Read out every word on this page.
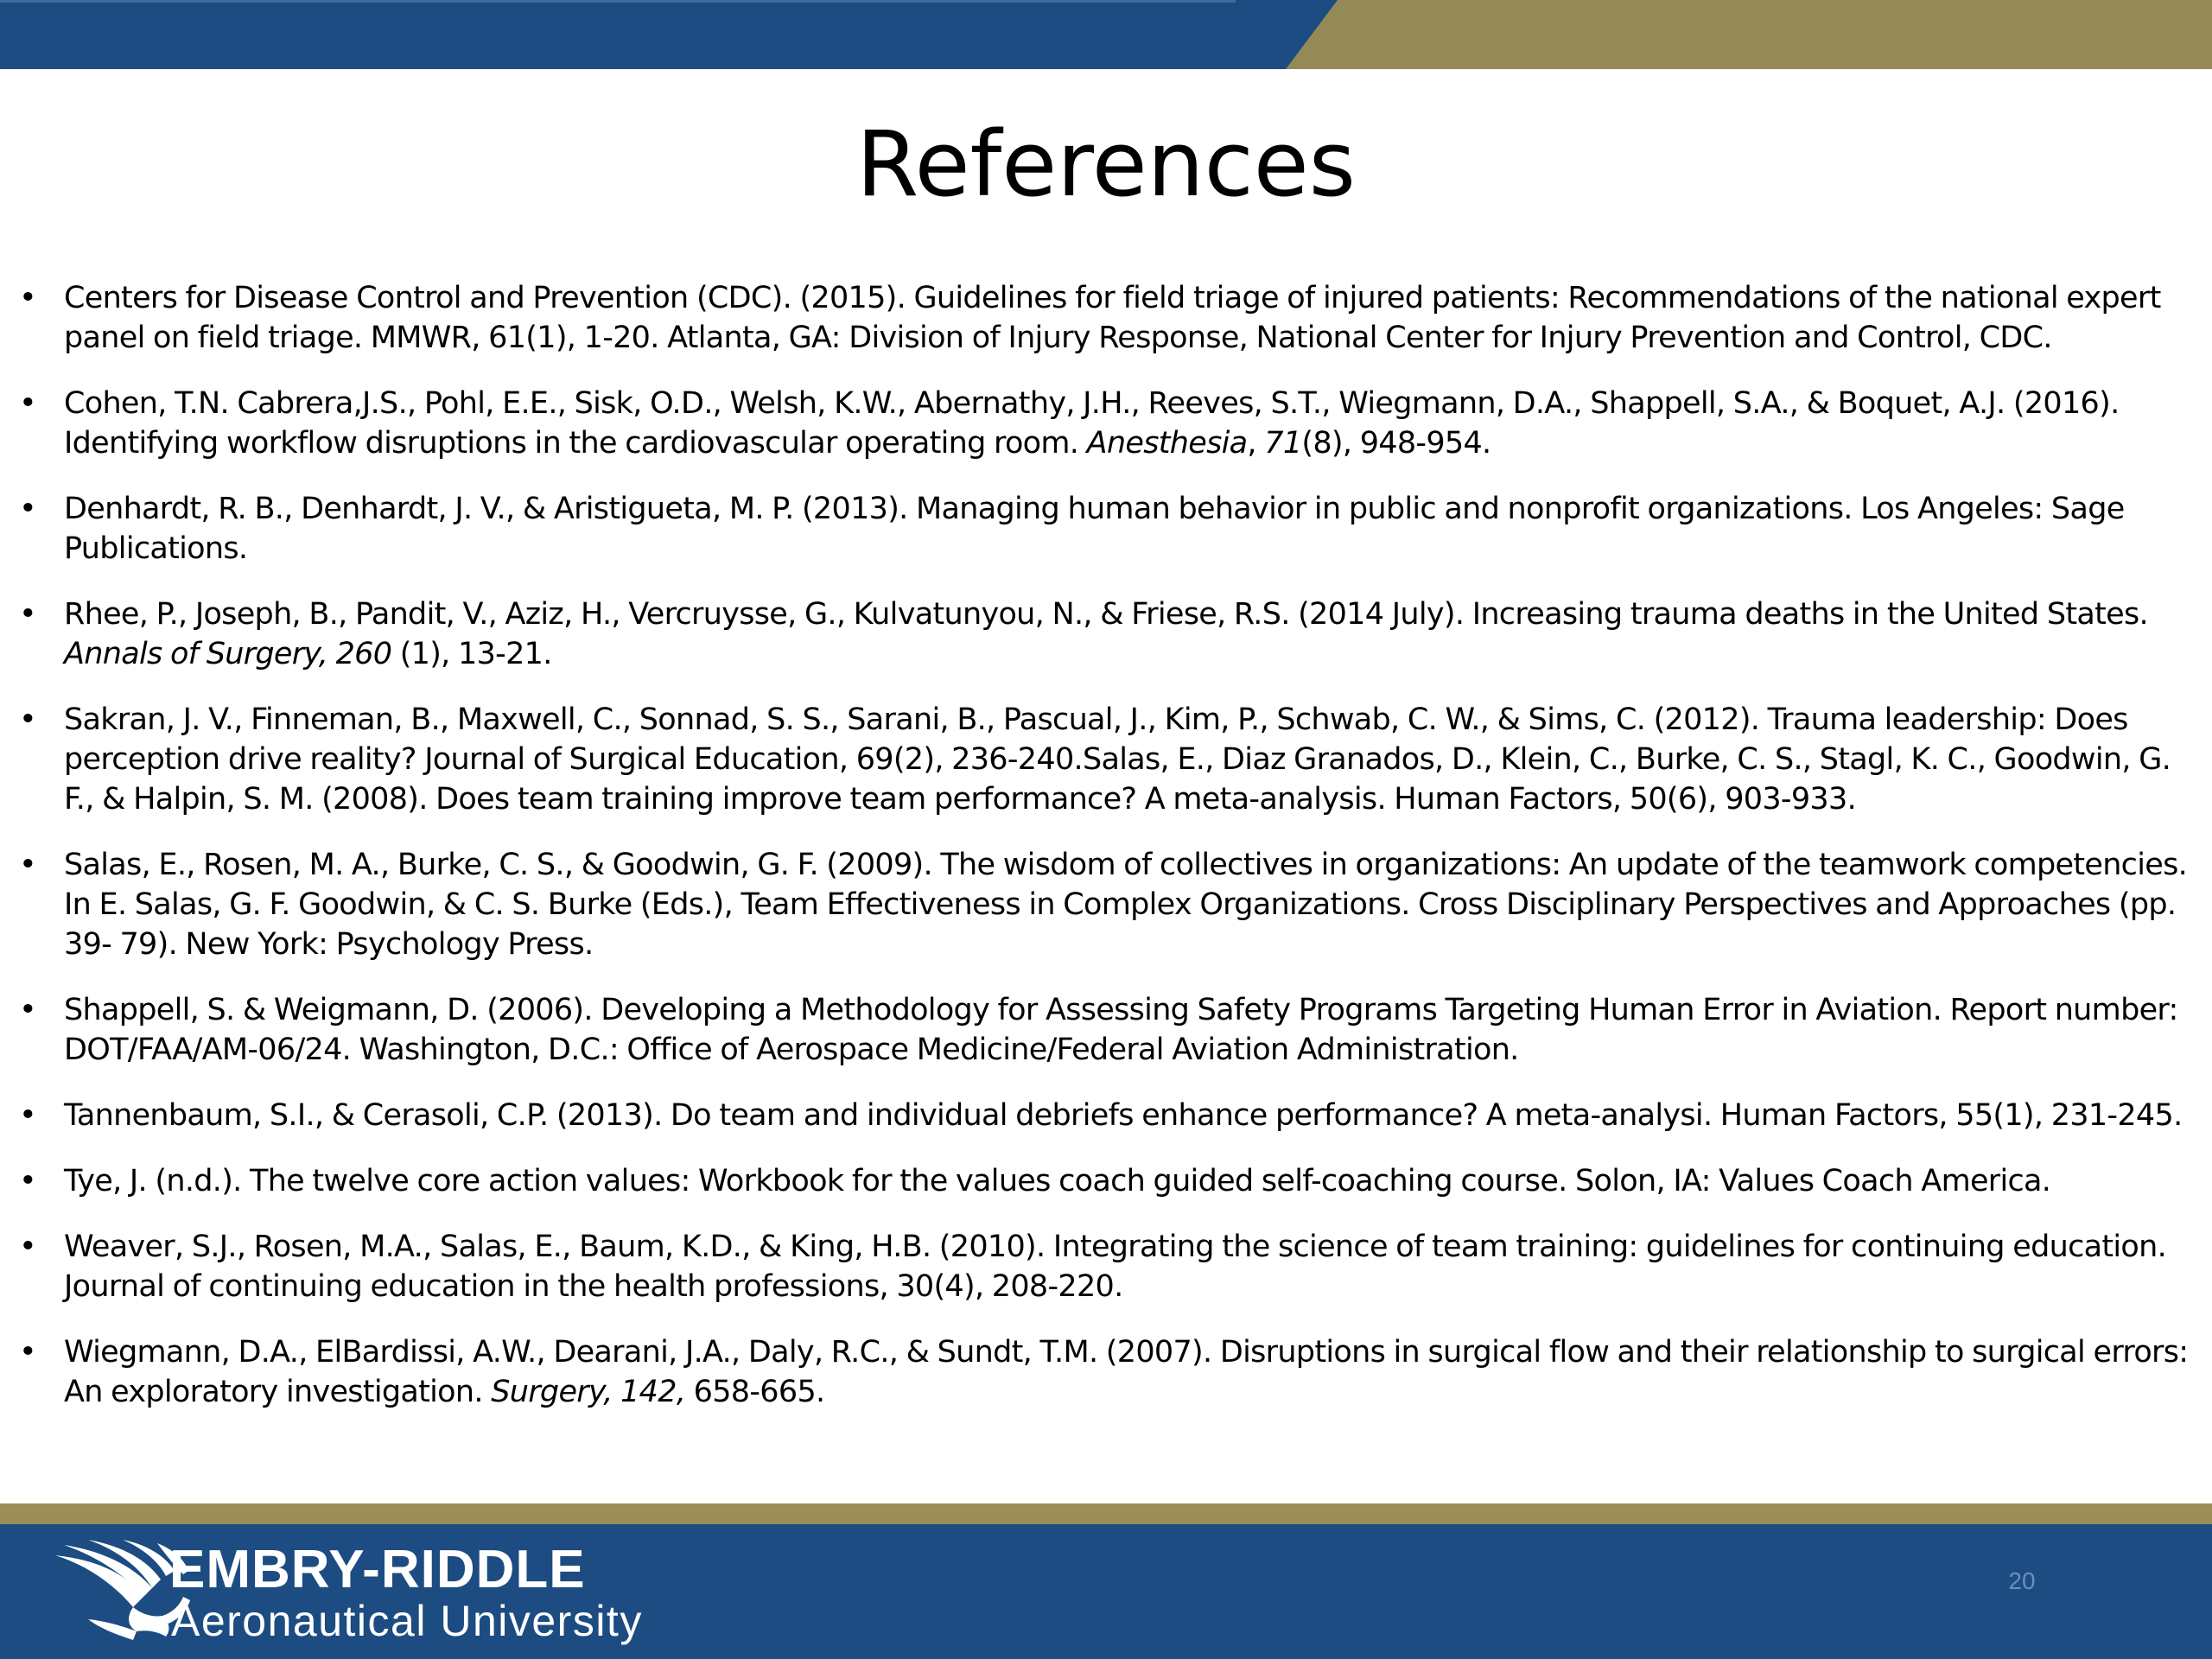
References
• Centers for Disease Control and Prevention (CDC). (2015). Guidelines for field triage of injured patients: Recommendations of the national expert panel on field triage. MMWR, 61(1), 1-20. Atlanta, GA: Division of Injury Response, National Center for Injury Prevention and Control, CDC.
• Cohen, T.N. Cabrera,J.S., Pohl, E.E., Sisk, O.D., Welsh, K.W., Abernathy, J.H., Reeves, S.T., Wiegmann, D.A., Shappell, S.A., & Boquet, A.J. (2016). Identifying workflow disruptions in the cardiovascular operating room. Anesthesia, 71(8), 948-954.
• Denhardt, R. B., Denhardt, J. V., & Aristigueta, M. P. (2013). Managing human behavior in public and nonprofit organizations. Los Angeles: Sage Publications.
• Rhee, P., Joseph, B., Pandit, V., Aziz, H., Vercruysse, G., Kulvatunyou, N., & Friese, R.S. (2014 July). Increasing trauma deaths in the United States. Annals of Surgery, 260 (1), 13-21.
• Sakran, J. V., Finneman, B., Maxwell, C., Sonnad, S. S., Sarani, B., Pascual, J., Kim, P., Schwab, C. W., & Sims, C. (2012). Trauma leadership: Does perception drive reality? Journal of Surgical Education, 69(2), 236-240.Salas, E., Diaz Granados, D., Klein, C., Burke, C. S., Stagl, K. C., Goodwin, G. F., & Halpin, S. M. (2008). Does team training improve team performance? A meta-analysis. Human Factors, 50(6), 903-933.
• Salas, E., Rosen, M. A., Burke, C. S., & Goodwin, G. F. (2009). The wisdom of collectives in organizations: An update of the teamwork competencies. In E. Salas, G. F. Goodwin, & C. S. Burke (Eds.), Team Effectiveness in Complex Organizations. Cross Disciplinary Perspectives and Approaches (pp. 39- 79). New York: Psychology Press.
• Shappell, S. & Weigmann, D. (2006). Developing a Methodology for Assessing Safety Programs Targeting Human Error in Aviation. Report number: DOT/FAA/AM-06/24. Washington, D.C.: Office of Aerospace Medicine/Federal Aviation Administration.
• Tannenbaum, S.I., & Cerasoli, C.P. (2013). Do team and individual debriefs enhance performance? A meta-analysi. Human Factors, 55(1), 231-245.
• Tye, J. (n.d.). The twelve core action values: Workbook for the values coach guided self-coaching course. Solon, IA: Values Coach America.
• Weaver, S.J., Rosen, M.A., Salas, E., Baum, K.D., & King, H.B. (2010). Integrating the science of team training: guidelines for continuing education. Journal of continuing education in the health professions, 30(4), 208-220.
• Wiegmann, D.A., ElBardissi, A.W., Dearani, J.A., Daly, R.C., & Sundt, T.M. (2007). Disruptions in surgical flow and their relationship to surgical errors: An exploratory investigation. Surgery, 142, 658-665.
EMBRY-RIDDLE
Aeronautical University
20
